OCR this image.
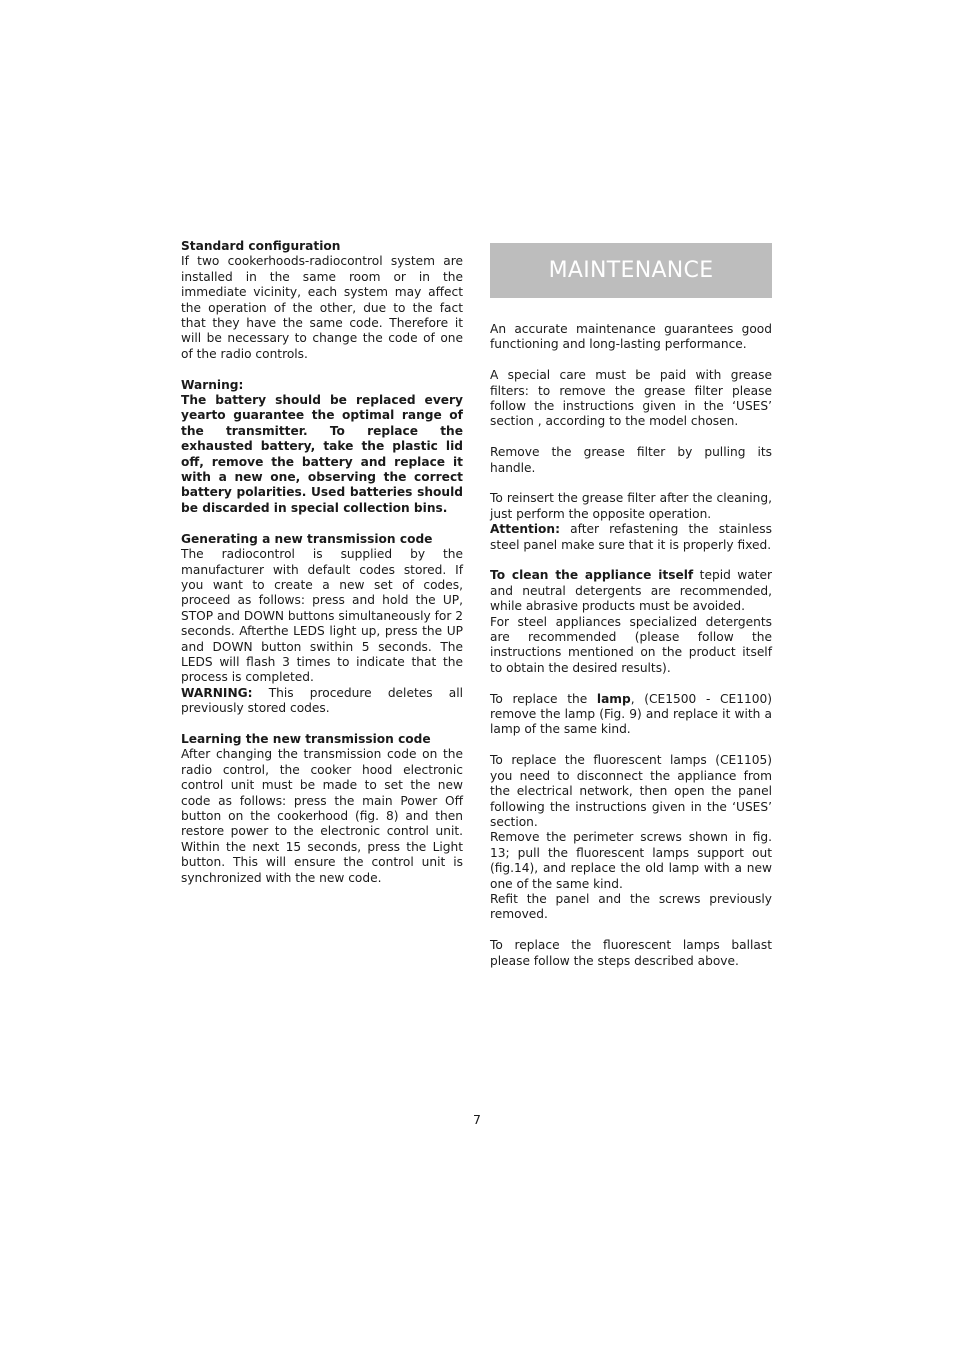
Standard configuration
If two cookerhoods-radiocontrol system are installed in the same room or in the immediate vicinity, each system may affect the operation of the other, due to the fact that they have the same code. Therefore it will be necessary to change the code of one of the radio controls.

Warning:
The battery should be replaced every yearto guarantee the optimal range of the transmitter. To replace the exhausted battery, take the plastic lid off, remove the battery and replace it with a new one, observing the correct battery polarities. Used batteries should be discarded in special collection bins.

Generating a new transmission code
The radiocontrol is supplied by the manufacturer with default codes stored. If you want to create a new set of codes, proceed as follows: press and hold the UP, STOP and DOWN buttons simultaneously for 2 seconds. Afterthe LEDS light up, press the UP and DOWN button swithin 5 seconds. The LEDS will flash 3 times to indicate that the process is completed.
WARNING: This procedure deletes all previously stored codes.

Learning the new transmission code
After changing the transmission code on the radio control, the cooker hood electronic control unit must be made to set the new code as follows: press the main Power Off button on the cookerhood (fig. 8) and then restore power to the electronic control unit. Within the next 15 seconds, press the Light button. This will ensure the control unit is synchronized with the new code.

MAINTENANCE

An accurate maintenance guarantees good functioning and long-lasting performance.

A special care must be paid with grease filters: to remove the grease filter please follow the instructions given in the ‘USES’ section , according to the model chosen.

Remove the grease filter by pulling its handle.

To reinsert the grease filter after the cleaning, just perform the opposite operation.
Attention: after refastening the stainless steel panel make sure that it is properly fixed.

To clean the appliance itself tepid water and neutral detergents are recommended, while abrasive products must be avoided.
For steel appliances specialized detergents are recommended (please follow the instructions mentioned on the product itself to obtain the desired results).

To replace the lamp, (CE1500 - CE1100) remove the lamp (Fig. 9) and replace it with a lamp of the same kind.

To replace the fluorescent lamps (CE1105) you need to disconnect the appliance from the electrical network, then open the panel following the instructions given in the ‘USES’ section.
Remove the perimeter screws shown in fig. 13; pull the fluorescent lamps support out (fig.14), and replace the old lamp with a new one of the same kind.
Refit the panel and the screws previously removed.

To replace the fluorescent lamps ballast please follow the steps described above.

7
